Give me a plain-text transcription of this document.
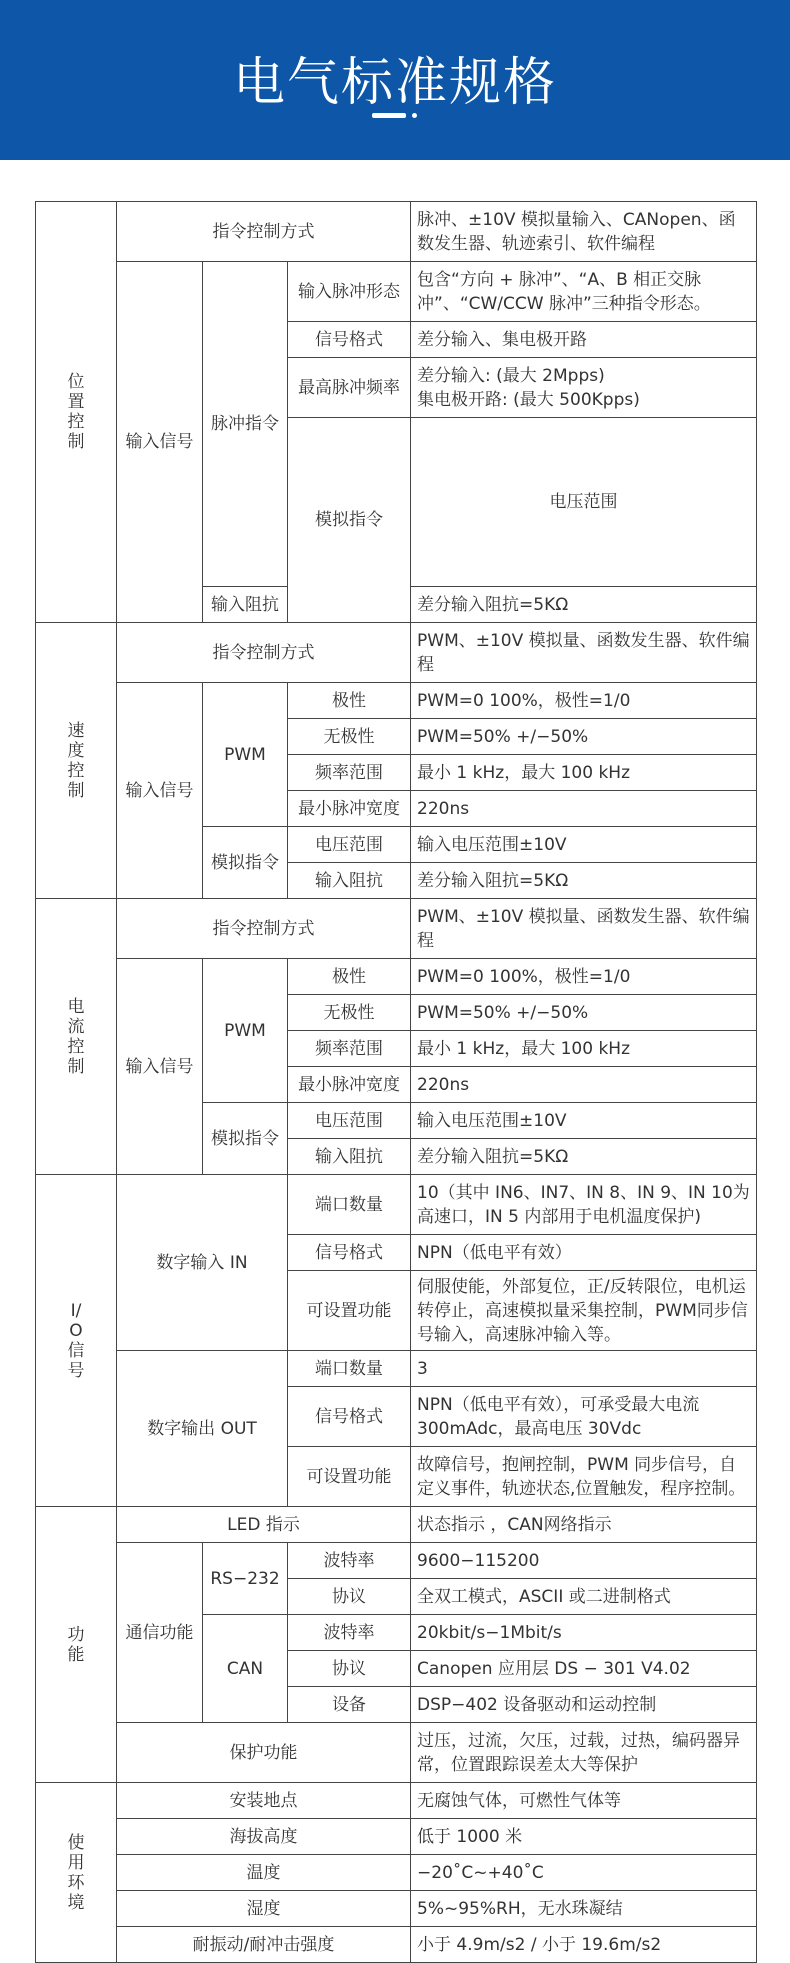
电气标准规格
位置控制	指令控制方式			脉冲、±10V 模拟量输入、CANopen、函数发生器、轨迹索引、软件编程	
	输入信号	脉冲指令	输入脉冲形态	包含“方向 + 脉冲”、“A、B 相正交脉冲”、“CW/CCW 脉冲”三种指令形态。	
			信号格式	差分输入、集电极开路	
			最高脉冲频率	差分输入: (最大 2Mpps)
集电极开路: (最大 500Kpps)	

			模拟指令	电压范围	
		输入阻抗		差分输入阻抗=5KΩ	

速度控制	指令控制方式			PWM、±10V 模拟量、函数发生器、软件编程	
	输入信号	PWM	极性	PWM=0 100%，极性=1/0	
			无极性	PWM=50% +/−50%	
			频率范围	最小 1 kHz，最大 100 kHz	
			最小脉冲宽度	220ns	
		模拟指令	电压范围	输入电压范围±10V	
			输入阻抗	差分输入阻抗=5KΩ	

电流控制	指令控制方式			PWM、±10V 模拟量、函数发生器、软件编程	
	输入信号	PWM	极性	PWM=0 100%，极性=1/0	
			无极性	PWM=50% +/−50%	
			频率范围	最小 1 kHz，最大 100 kHz	
			最小脉冲宽度	220ns	
		模拟指令	电压范围	输入电压范围±10V	
			输入阻抗	差分输入阻抗=5KΩ	

I/O信号	数字输入 IN		端口数量	10（其中 IN6、IN7、IN 8、IN 9、IN 10为高速口，IN 5 内部用于电机温度保护)	
			信号格式	NPN（低电平有效）	
			可设置功能	伺服使能，外部复位，正/反转限位，电机运转停止，高速模拟量采集控制，PWM同步信号输入，高速脉冲输入等。	
	数字输出 OUT		端口数量	3	
			信号格式	NPN（低电平有效），可承受最大电流300mAdc，最高电压 30Vdc	
			可设置功能	故障信号，抱闸控制，PWM 同步信号，自定义事件，轨迹状态,位置触发，程序控制。	

功能	LED 指示			状态指示 ，CAN网络指示	
	通信功能	RS−232	波特率	9600−115200	
			协议	全双工模式，ASCII 或二进制格式	
		CAN	波特率	20kbit/s−1Mbit/s	
			协议	Canopen 应用层 DS − 301 V4.02	
			设备	DSP−402 设备驱动和运动控制	
	保护功能			过压，过流，欠压，过载，过热，编码器异常，位置跟踪误差太大等保护	

使用环境	安装地点			无腐蚀气体，可燃性气体等	
	海拔高度			低于 1000 米	
	温度			−20˚C~+40˚C	
	湿度			5%~95%RH，无水珠凝结	
	耐振动/耐冲击强度			小于 4.9m/s2 / 小于 19.6m/s2	
